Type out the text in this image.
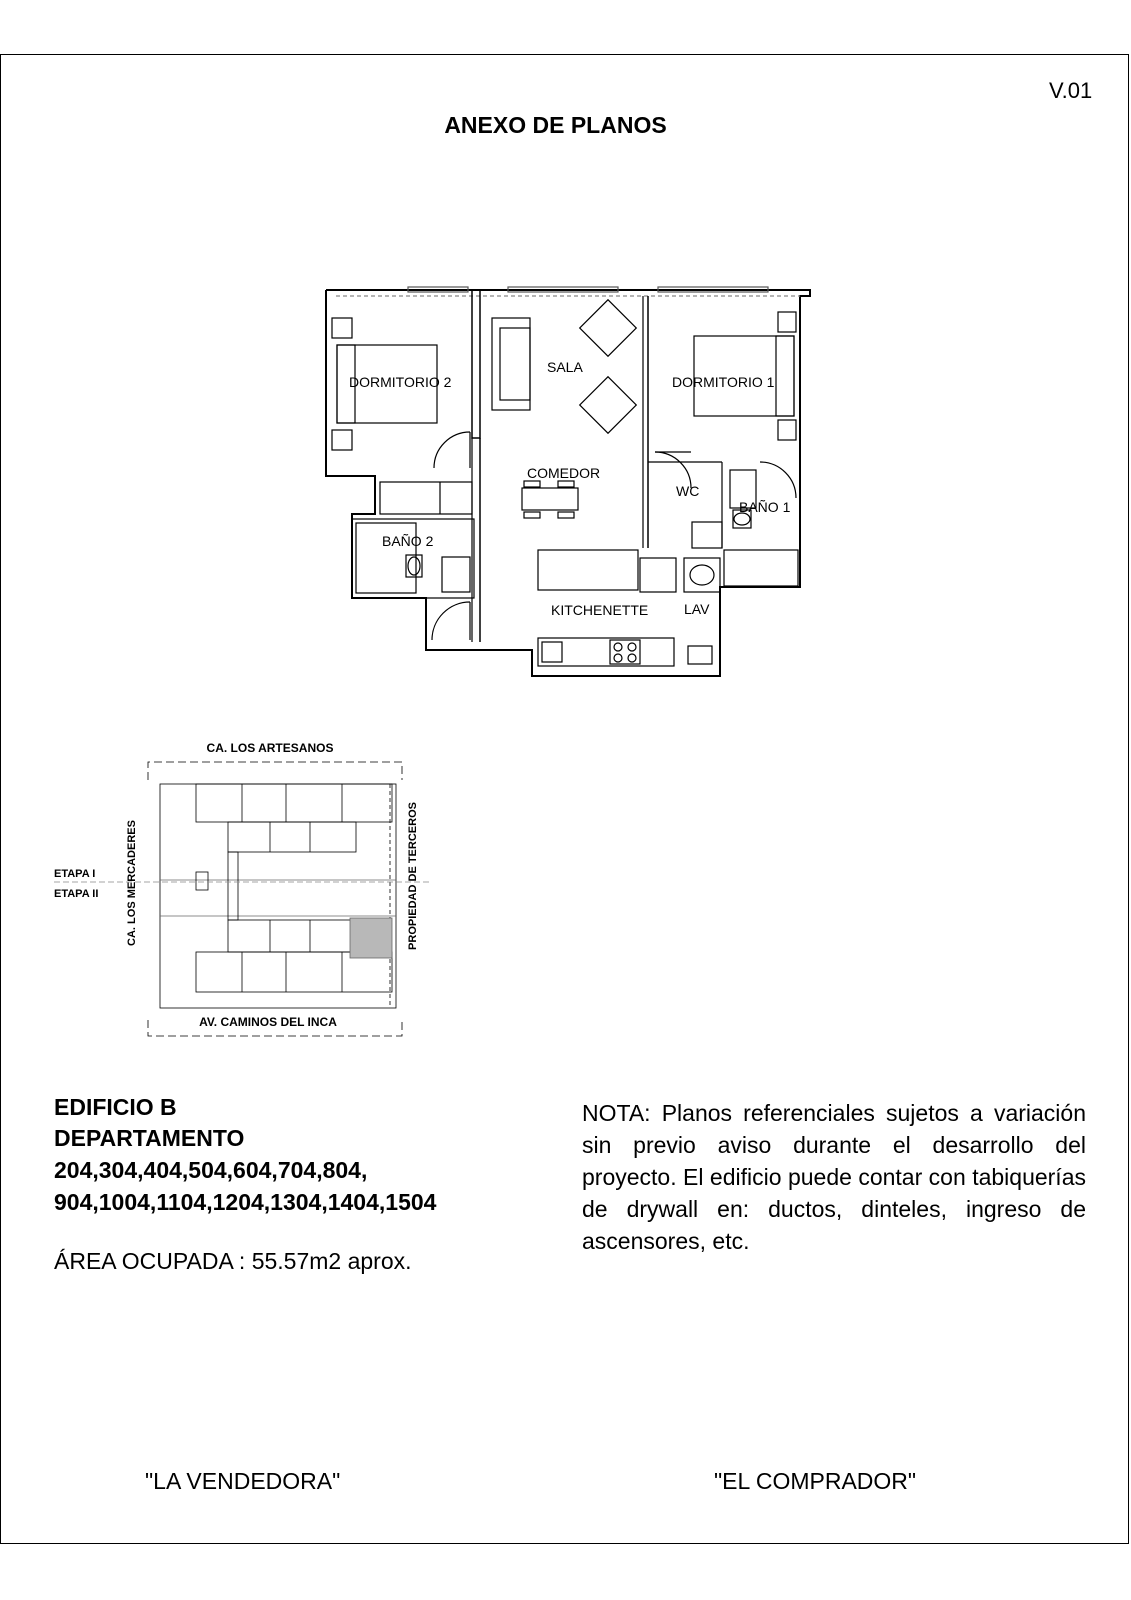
V.01
ANEXO DE PLANOS
DORMITORIO 2
SALA
DORMITORIO 1
COMEDOR
WC
BAÑO 1
BAÑO 2
KITCHENETTE	LAV
CA. LOS ARTESANOS
AV. CAMINOS DEL INCA
CA. LOS MERCADERES	PROPIEDAD DE TERCEROS
ETAPA I
ETAPA II
EDIFICIO B
DEPARTAMENTO
204,304,404,504,604,704,804,
904,1004,1104,1204,1304,1404,1504
ÁREA OCUPADA : 55.57m2 aprox.
NOTA: Planos referenciales sujetos a variación sin previo aviso durante el desarrollo del proyecto. El edificio puede contar con tabiquerías de drywall en: ductos, dinteles, ingreso de ascensores, etc.
"LA VENDEDORA"	"EL COMPRADOR"
